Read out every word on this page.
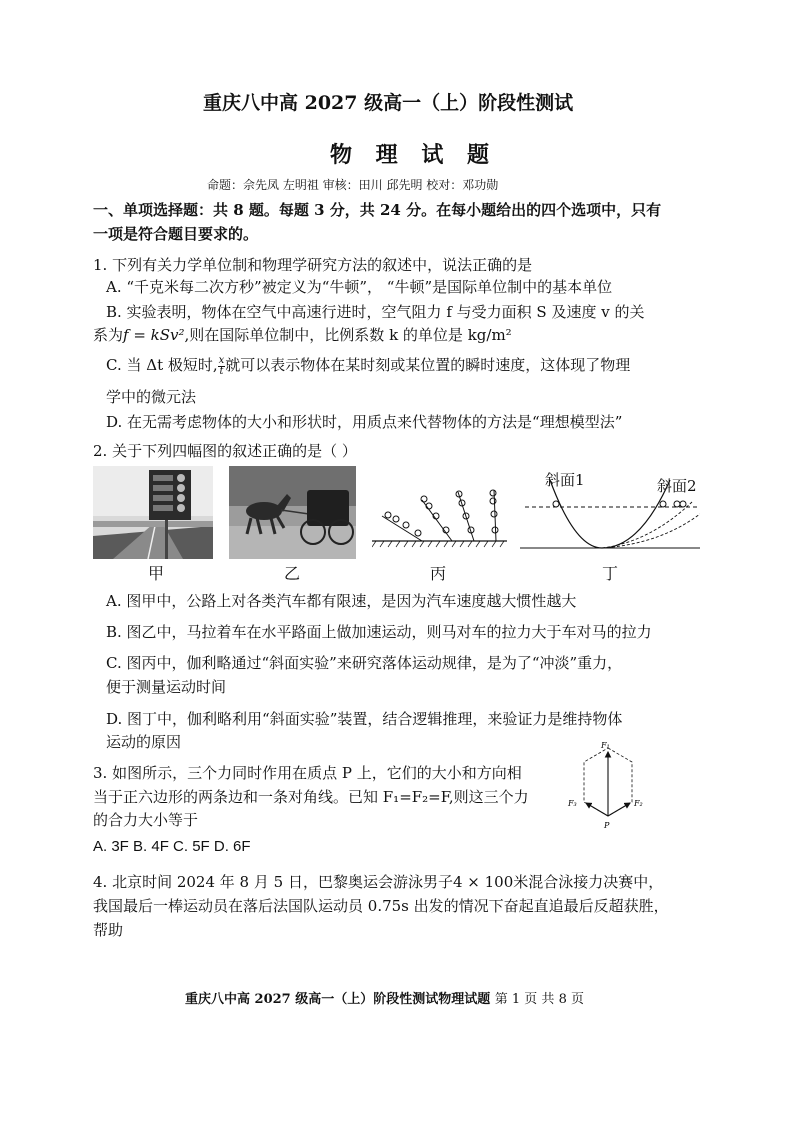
重庆八中高 2027 级高一（上）阶段性测试
物 理 试 题
命题：佘先凤 左明祖 审核：田川 邱先明 校对：邓功勋
一、单项选择题：共 8 题。每题 3 分，共 24 分。在每小题给出的四个选项中，只有
一项是符合题目要求的。
1. 下列有关力学单位制和物理学研究方法的叙述中，说法正确的是
A. “千克米每二次方秒”被定义为“牛顿”， “牛顿”是国际单位制中的基本单位
B. 实验表明，物体在空气中高速行进时，空气阻力 f 与受力面积 S 及速度 v 的关
系为f = kSv²,则在国际单位制中，比例系数 k 的单位是 kg/m²
C. 当 Δt 极短时, $\frac{x}{t}$ 就可以表示物体在某时刻或某位置的瞬时速度，这体现了物理
学中的微元法
D. 在无需考虑物体的大小和形状时，用质点来代替物体的方法是“理想模型法”
2. 关于下列四幅图的叙述正确的是（ ）
斜面1	斜面2
甲	乙	丙	丁
A. 图甲中，公路上对各类汽车都有限速，是因为汽车速度越大惯性越大
B. 图乙中，马拉着车在水平路面上做加速运动，则马对车的拉力大于车对马的拉力
C. 图丙中，伽利略通过“斜面实验”来研究落体运动规律，是为了“冲淡”重力，
便于测量运动时间
D. 图丁中，伽利略利用“斜面实验”装置，结合逻辑推理，来验证力是维持物体
运动的原因
3. 如图所示，三个力同时作用在质点 P 上，它们的大小和方向相
当于正六边形的两条边和一条对角线。已知 F₁=F₂=F,则这三个力
的合力大小等于
A. 3F B. 4F C. 5F D. 6F
F₁
F₃	F₂
P
4. 北京时间 2024 年 8 月 5 日，巴黎奥运会游泳男子4 × 100米混合泳接力决赛中，
我国最后一棒运动员在落后法国队运动员 0.75s 出发的情况下奋起直追最后反超获胜，
帮助
重庆八中高 2027 级高一（上）阶段性测试物理试题 第 1 页 共 8 页
